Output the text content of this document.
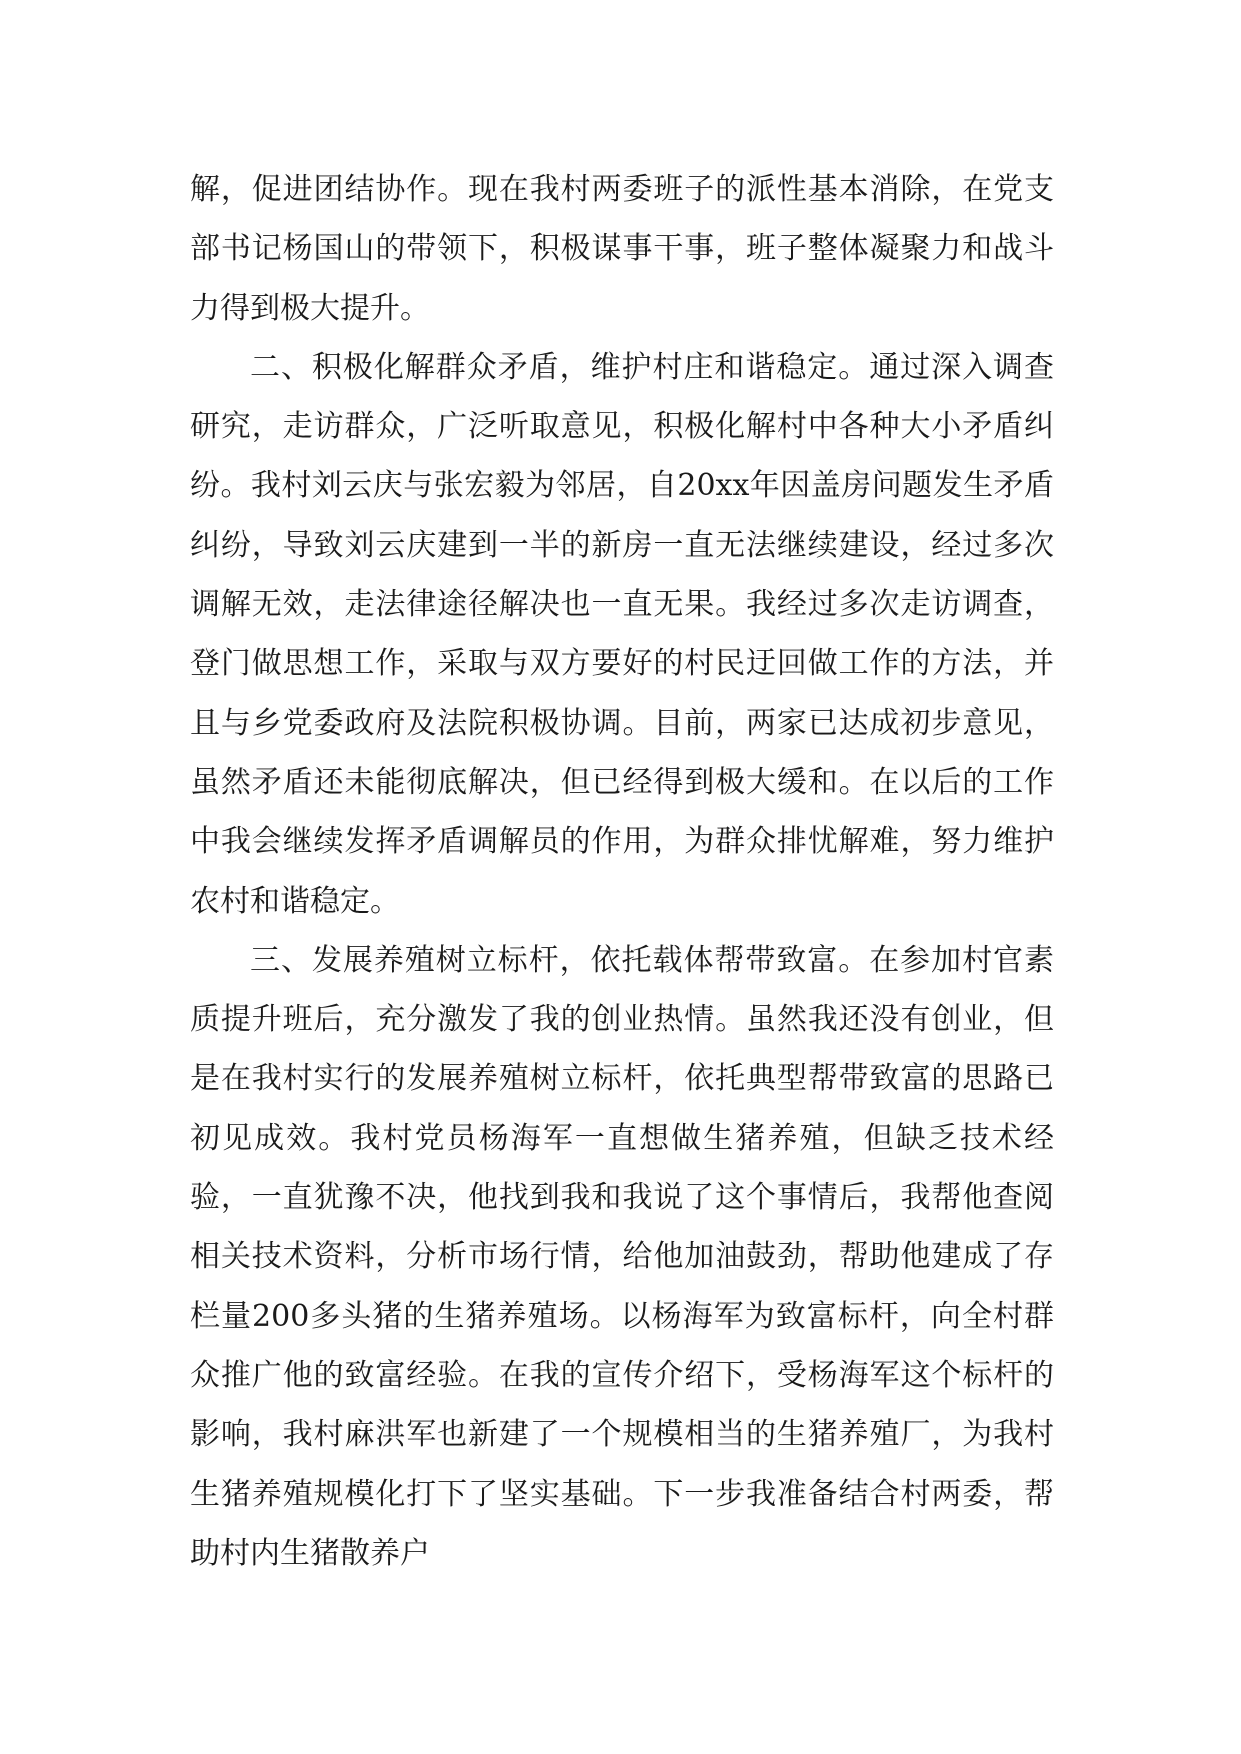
解，促进团结协作。现在我村两委班子的派性基本消除，在党支部书记杨国山的带领下，积极谋事干事，班子整体凝聚力和战斗力得到极大提升。

二、积极化解群众矛盾，维护村庄和谐稳定。通过深入调查研究，走访群众，广泛听取意见，积极化解村中各种大小矛盾纠纷。我村刘云庆与张宏毅为邻居，自20xx年因盖房问题发生矛盾纠纷，导致刘云庆建到一半的新房一直无法继续建设，经过多次调解无效，走法律途径解决也一直无果。我经过多次走访调查，登门做思想工作，采取与双方要好的村民迂回做工作的方法，并且与乡党委政府及法院积极协调。目前，两家已达成初步意见，虽然矛盾还未能彻底解决，但已经得到极大缓和。在以后的工作中我会继续发挥矛盾调解员的作用，为群众排忧解难，努力维护农村和谐稳定。

三、发展养殖树立标杆，依托载体帮带致富。在参加村官素质提升班后，充分激发了我的创业热情。虽然我还没有创业，但是在我村实行的发展养殖树立标杆，依托典型帮带致富的思路已初见成效。我村党员杨海军一直想做生猪养殖，但缺乏技术经验，一直犹豫不决，他找到我和我说了这个事情后，我帮他查阅相关技术资料，分析市场行情，给他加油鼓劲，帮助他建成了存栏量200多头猪的生猪养殖场。以杨海军为致富标杆，向全村群众推广他的致富经验。在我的宣传介绍下，受杨海军这个标杆的影响，我村麻洪军也新建了一个规模相当的生猪养殖厂，为我村生猪养殖规模化打下了坚实基础。下一步我准备结合村两委，帮助村内生猪散养户
